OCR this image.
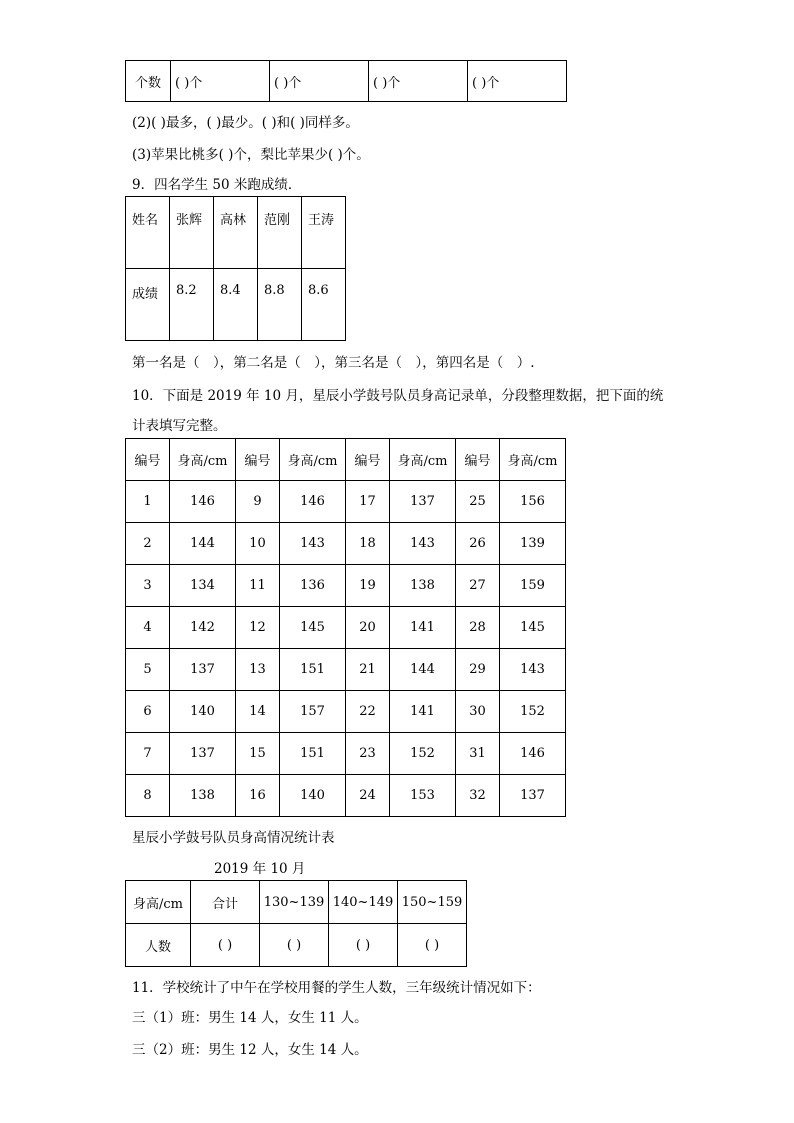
个数	( )个	( )个	( )个	( )个
(2)( )最多，( )最少。( )和( )同样多。
(3)苹果比桃多( )个，梨比苹果少( )个。
9．四名学生 50 米跑成绩．
姓名	张辉	高林	范刚	王涛
成绩	8.2	8.4	8.8	8.6
第一名是（　），第二名是（　），第三名是（　），第四名是（　）.
10．下面是 2019 年 10 月，星辰小学鼓号队员身高记录单，分段整理数据，把下面的统
计表填写完整。
编号	身高/cm	编号	身高/cm	编号	身高/cm	编号	身高/cm
1	146	9	146	17	137	25	156
2	144	10	143	18	143	26	139
3	134	11	136	19	138	27	159
4	142	12	145	20	141	28	145
5	137	13	151	21	144	29	143
6	140	14	157	22	141	30	152
7	137	15	151	23	152	31	146
8	138	16	140	24	153	32	137
星辰小学鼓号队员身高情况统计表
2019 年 10 月
身高/cm	合计	130~139	140~149	150~159
人数	( )	( )	( )	( )
11．学校统计了中午在学校用餐的学生人数，三年级统计情况如下：
三（1）班：男生 14 人，女生 11 人。
三（2）班：男生 12 人，女生 14 人。
